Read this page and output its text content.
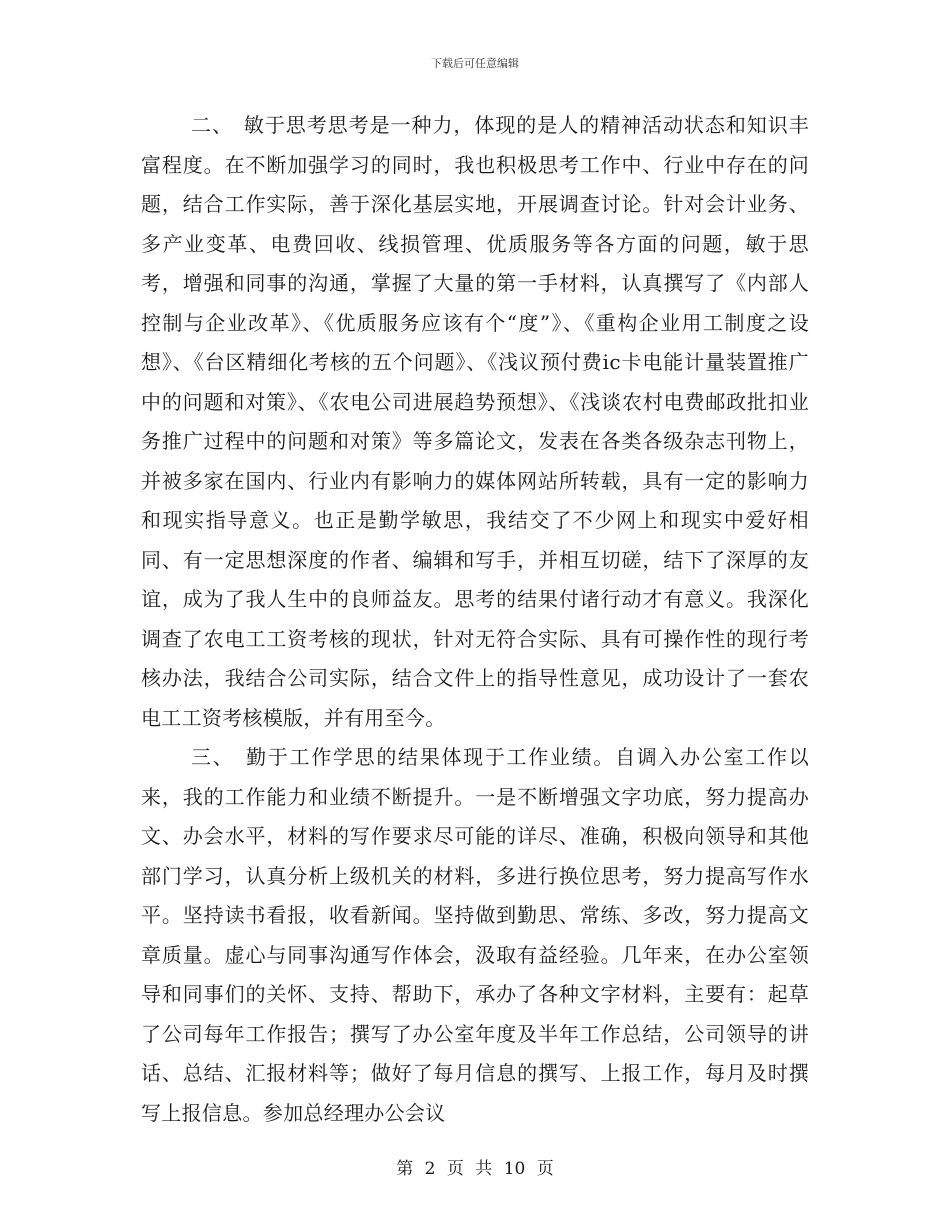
下载后可任意编辑

二、　敏于思考思考是一种力，体现的是人的精神活动状态和知识丰富程度。在不断加强学习的同时，我也积极思考工作中、行业中存在的问题，结合工作实际，善于深化基层实地，开展调查讨论。针对会计业务、多产业变革、电费回收、线损管理、优质服务等各方面的问题，敏于思考，增强和同事的沟通，掌握了大量的第一手材料，认真撰写了《内部人控制与企业改革》、《优质服务应该有个“度”》、《重构企业用工制度之设想》、《台区精细化考核的五个问题》、《浅议预付费ic卡电能计量装置推广中的问题和对策》、《农电公司进展趋势预想》、《浅谈农村电费邮政批扣业务推广过程中的问题和对策》等多篇论文，发表在各类各级杂志刊物上，并被多家在国内、行业内有影响力的媒体网站所转载，具有一定的影响力和现实指导意义。也正是勤学敏思，我结交了不少网上和现实中爱好相同、有一定思想深度的作者、编辑和写手，并相互切磋，结下了深厚的友谊，成为了我人生中的良师益友。思考的结果付诸行动才有意义。我深化调查了农电工工资考核的现状，针对无符合实际、具有可操作性的现行考核办法，我结合公司实际，结合文件上的指导性意见，成功设计了一套农电工工资考核模版，并有用至今。

三、　勤于工作学思的结果体现于工作业绩。自调入办公室工作以来，我的工作能力和业绩不断提升。一是不断增强文字功底，努力提高办文、办会水平，材料的写作要求尽可能的详尽、准确，积极向领导和其他部门学习，认真分析上级机关的材料，多进行换位思考，努力提高写作水平。坚持读书看报，收看新闻。坚持做到勤思、常练、多改，努力提高文章质量。虚心与同事沟通写作体会，汲取有益经验。几年来，在办公室领导和同事们的关怀、支持、帮助下，承办了各种文字材料，主要有：起草了公司每年工作报告；撰写了办公室年度及半年工作总结，公司领导的讲话、总结、汇报材料等；做好了每月信息的撰写、上报工作，每月及时撰写上报信息。参加总经理办公会议

第 2 页 共 10 页
